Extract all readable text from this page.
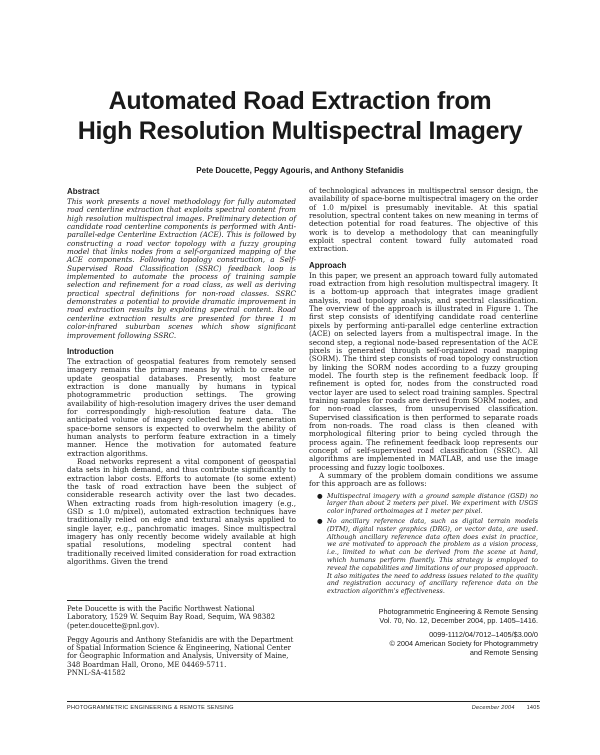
Automated Road Extraction from
High Resolution Multispectral Imagery
Pete Doucette, Peggy Agouris, and Anthony Stefanidis
Abstract

This work presents a novel methodology for fully automated road centerline extraction that exploits spectral content from high resolution multispectral images. Preliminary detection of candidate road centerline components is performed with Anti-parallel-edge Centerline Extraction (ACE). This is followed by constructing a road vector topology with a fuzzy grouping model that links nodes from a self-organized mapping of the ACE components. Following topology construction, a Self-Supervised Road Classification (SSRC) feedback loop is implemented to automate the process of training sample selection and refinement for a road class, as well as deriving practical spectral definitions for non-road classes. SSRC demonstrates a potential to provide dramatic improvement in road extraction results by exploiting spectral content. Road centerline extraction results are presented for three 1 m color-infrared suburban scenes which show significant improvement following SSRC.

Introduction

The extraction of geospatial features from remotely sensed imagery remains the primary means by which to create or update geospatial databases. Presently, most feature extraction is done manually by humans in typical photogrammetric production settings. The growing availability of high-resolution imagery drives the user demand for correspondingly high-resolution feature data. The anticipated volume of imagery collected by next generation space-borne sensors is expected to overwhelm the ability of human analysts to perform feature extraction in a timely manner. Hence the motivation for automated feature extraction algorithms.

Road networks represent a vital component of geospatial data sets in high demand, and thus contribute significantly to extraction labor costs. Efforts to automate (to some extent) the task of road extraction have been the subject of considerable research activity over the last two decades. When extracting roads from high-resolution imagery (e.g., GSD ≤ 1.0 m/pixel), automated extraction techniques have traditionally relied on edge and textural analysis applied to single layer, e.g., panchromatic images. Since multispectral imagery has only recently become widely available at high spatial resolutions, modeling spectral content had traditionally received limited consideration for road extraction algorithms. Given the trend

Pete Doucette is with the Pacific Northwest National Laboratory, 1529 W. Sequim Bay Road, Sequim, WA 98382 (peter.doucette@pnl.gov).

Peggy Agouris and Anthony Stefanidis are with the Department of Spatial Information Science & Engineering, National Center for Geographic Information and Analysis, University of Maine, 348 Boardman Hall, Orono, ME 04469-5711.

PNNL-SA-41582

of technological advances in multispectral sensor design, the availability of space-borne multispectral imagery on the order of 1.0 m/pixel is presumably inevitable. At this spatial resolution, spectral content takes on new meaning in terms of detection potential for road features. The objective of this work is to develop a methodology that can meaningfully exploit spectral content toward fully automated road extraction.

Approach

In this paper, we present an approach toward fully automated road extraction from high resolution multispectral imagery. It is a bottom-up approach that integrates image gradient analysis, road topology analysis, and spectral classification. The overview of the approach is illustrated in Figure 1. The first step consists of identifying candidate road centerline pixels by performing anti-parallel edge centerline extraction (ACE) on selected layers from a multispectral image. In the second step, a regional node-based representation of the ACE pixels is generated through self-organized road mapping (SORM). The third step consists of road topology construction by linking the SORM nodes according to a fuzzy grouping model. The fourth step is the refinement feedback loop. If refinement is opted for, nodes from the constructed road vector layer are used to select road training samples. Spectral training samples for roads are derived from SORM nodes, and for non-road classes, from unsupervised classification. Supervised classification is then performed to separate roads from non-roads. The road class is then cleaned with morphological filtering prior to being cycled through the process again. The refinement feedback loop represents our concept of self-supervised road classification (SSRC). All algorithms are implemented in MATLAB, and use the image processing and fuzzy logic toolboxes.

A summary of the problem domain conditions we assume for this approach are as follows:

● Multispectral imagery with a ground sample distance (GSD) no larger than about 2 meters per pixel. We experiment with USGS color infrared orthoimages at 1 meter per pixel.
● No ancillary reference data, such as digital terrain models (DTM), digital raster graphics (DRG), or vector data, are used. Although ancillary reference data often does exist in practice, we are motivated to approach the problem as a vision process, i.e., limited to what can be derived from the scene at hand, which humans perform fluently. This strategy is employed to reveal the capabilities and limitations of our proposed approach. It also mitigates the need to address issues related to the quality and registration accuracy of ancillary reference data on the extraction algorithm's effectiveness.
Photogrammetric Engineering & Remote Sensing
Vol. 70, No. 12, December 2004, pp. 1405–1416.
0099-1112/04/7012–1405/$3.00/0
© 2004 American Society for Photogrammetry
and Remote Sensing
PHOTOGRAMMETRIC ENGINEERING & REMOTE SENSING	December 2004 1405
